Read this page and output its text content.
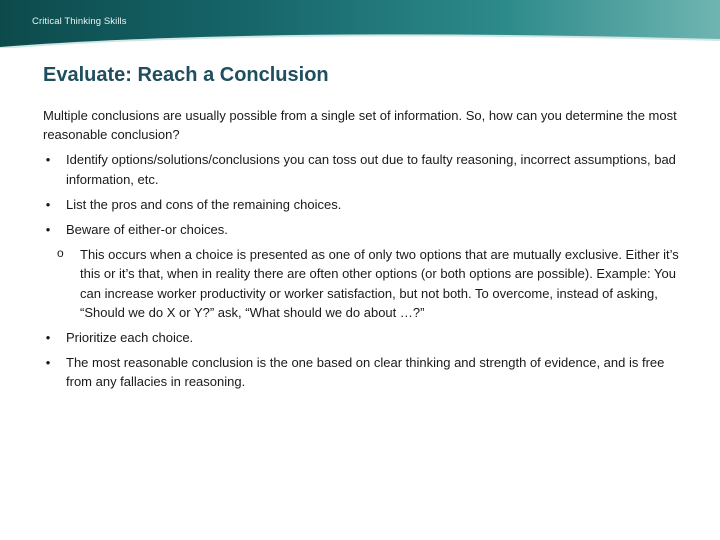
Critical Thinking Skills
Evaluate: Reach a Conclusion

Multiple conclusions are usually possible from a single set of information. So, how can you determine the most reasonable conclusion?

• Identify options/solutions/conclusions you can toss out due to faulty reasoning, incorrect assumptions, bad information, etc.
• List the pros and cons of the remaining choices.
• Beware of either-or choices.
o This occurs when a choice is presented as one of only two options that are mutually exclusive. Either it’s this or it’s that, when in reality there are often other options (or both options are possible). Example: You can increase worker productivity or worker satisfaction, but not both. To overcome, instead of asking, “Should we do X or Y?” ask, “What should we do about …?”
• Prioritize each choice.
• The most reasonable conclusion is the one based on clear thinking and strength of evidence, and is free from any fallacies in reasoning.
